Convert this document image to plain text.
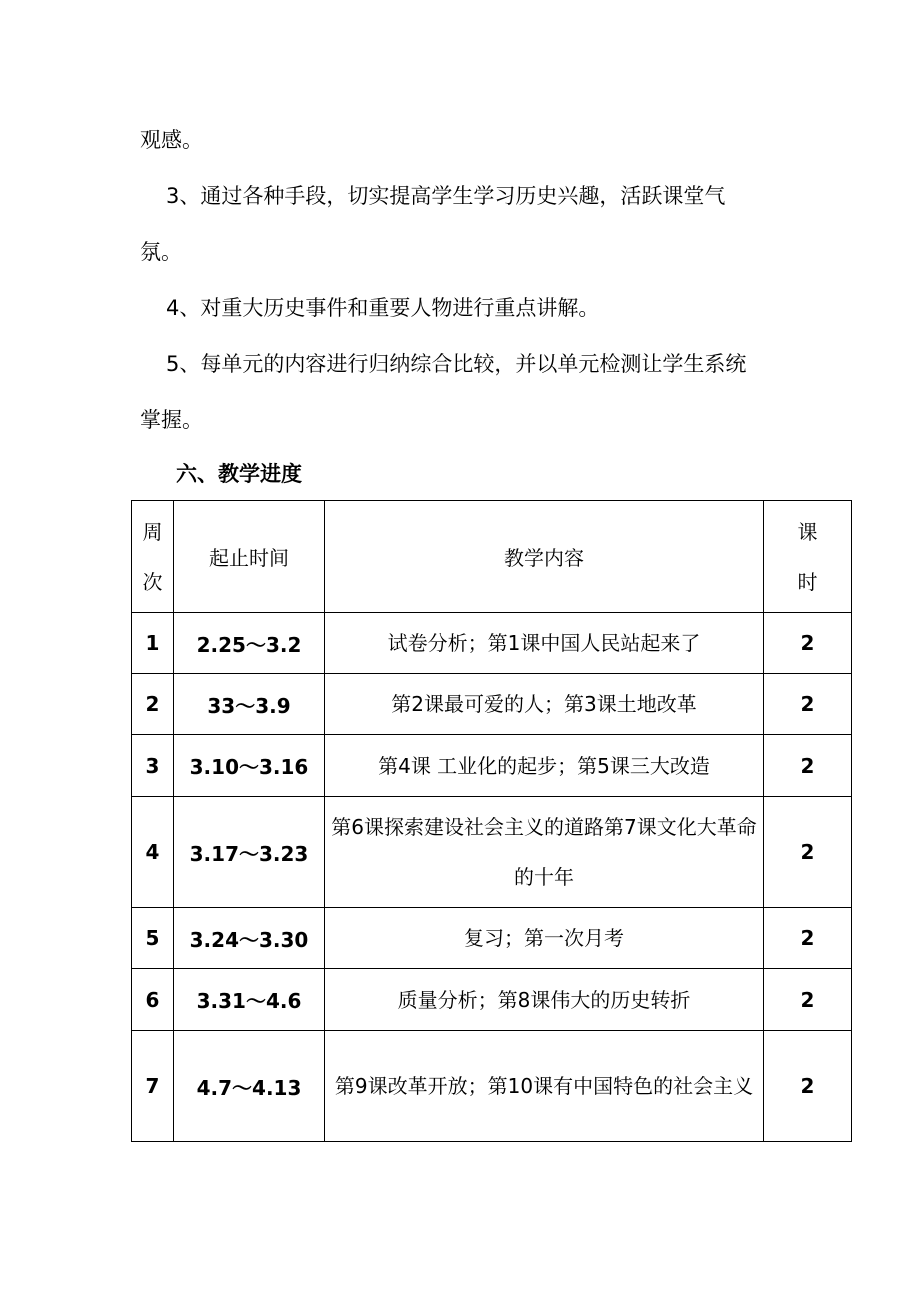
观感。

3、通过各种手段，切实提高学生学习历史兴趣，活跃课堂气

氛。

4、对重大历史事件和重要人物进行重点讲解。

5、每单元的内容进行归纳综合比较，并以单元检测让学生系统

掌握。

六、教学进度
周次	起止时间	教学内容	课时
1	2.25～3.2	试卷分析；第1课中国人民站起来了	2
2	33～3.9	第2课最可爱的人；第3课土地改革	2
3	3.10～3.16	第4课 工业化的起步；第5课三大改造	2
4	3.17～3.23	第6课探索建设社会主义的道路第7课文化大革命的十年	2
5	3.24～3.30	复习；第一次月考	2
6	3.31～4.6	质量分析；第8课伟大的历史转折	2
7	4.7～4.13	第9课改革开放；第10课有中国特色的社会主义	2
